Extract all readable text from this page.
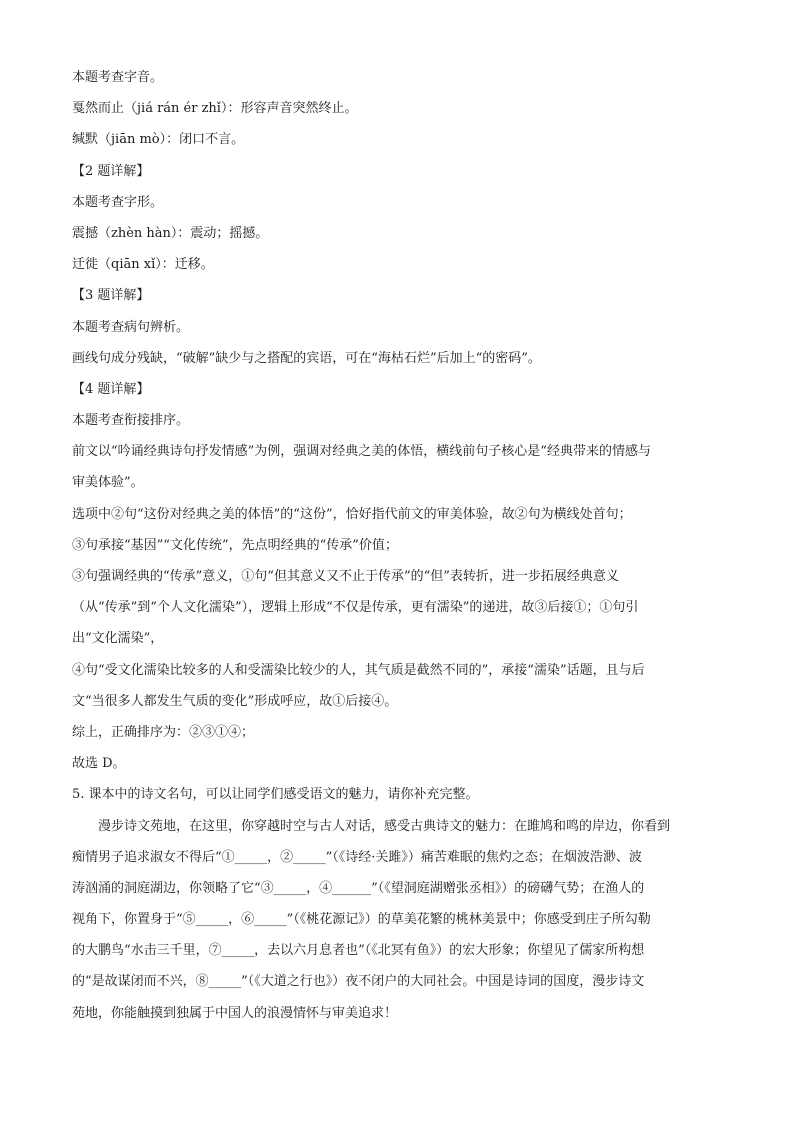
本题考查字音。
戛然而止（jiá rán ér zhǐ）：形容声音突然终止。
缄默（jiān mò）：闭口不言。
【2 题详解】
本题考查字形。
震撼（zhèn hàn）：震动；摇撼。
迁徙（qiān xǐ）：迁移。
【3 题详解】
本题考查病句辨析。
画线句成分残缺，“破解”缺少与之搭配的宾语，可在“海枯石烂”后加上“的密码”。
【4 题详解】
本题考查衔接排序。
前文以“吟诵经典诗句抒发情感”为例，强调对经典之美的体悟，横线前句子核心是“经典带来的情感与
审美体验”。
选项中②句“这份对经典之美的体悟”的“这份”，恰好指代前文的审美体验，故②句为横线处首句；
③句承接“基因”“文化传统”，先点明经典的“传承”价值；
③句强调经典的“传承”意义，①句“但其意义又不止于传承”的“但”表转折，进一步拓展经典意义
（从“传承”到“个人文化濡染”），逻辑上形成“不仅是传承，更有濡染”的递进，故③后接①；①句引
出“文化濡染”，
④句“受文化濡染比较多的人和受濡染比较少的人，其气质是截然不同的”，承接“濡染”话题，且与后
文“当很多人都发生气质的变化”形成呼应，故①后接④。
综上，正确排序为：②③①④；
故选 D。
5. 课本中的诗文名句，可以让同学们感受语文的魅力，请你补充完整。
漫步诗文苑地，在这里，你穿越时空与古人对话，感受古典诗文的魅力：在雎鸠和鸣的岸边，你看到
痴情男子追求淑女不得后“①_____，②_____”（《诗经·关雎》）痛苦难眠的焦灼之态；在烟波浩渺、波
涛汹涌的洞庭湖边，你领略了它“③_____，④______”（《望洞庭湖赠张丞相》）的磅礴气势；在渔人的
视角下，你置身于“⑤_____，⑥_____”（《桃花源记》）的草美花繁的桃林美景中；你感受到庄子所勾勒
的大鹏鸟“水击三千里，⑦_____，去以六月息者也”（《北冥有鱼》）的宏大形象；你望见了儒家所构想
的“是故谋闭而不兴，⑧_____”（《大道之行也》）夜不闭户的大同社会。中国是诗词的国度，漫步诗文
苑地，你能触摸到独属于中国人的浪漫情怀与审美追求！
